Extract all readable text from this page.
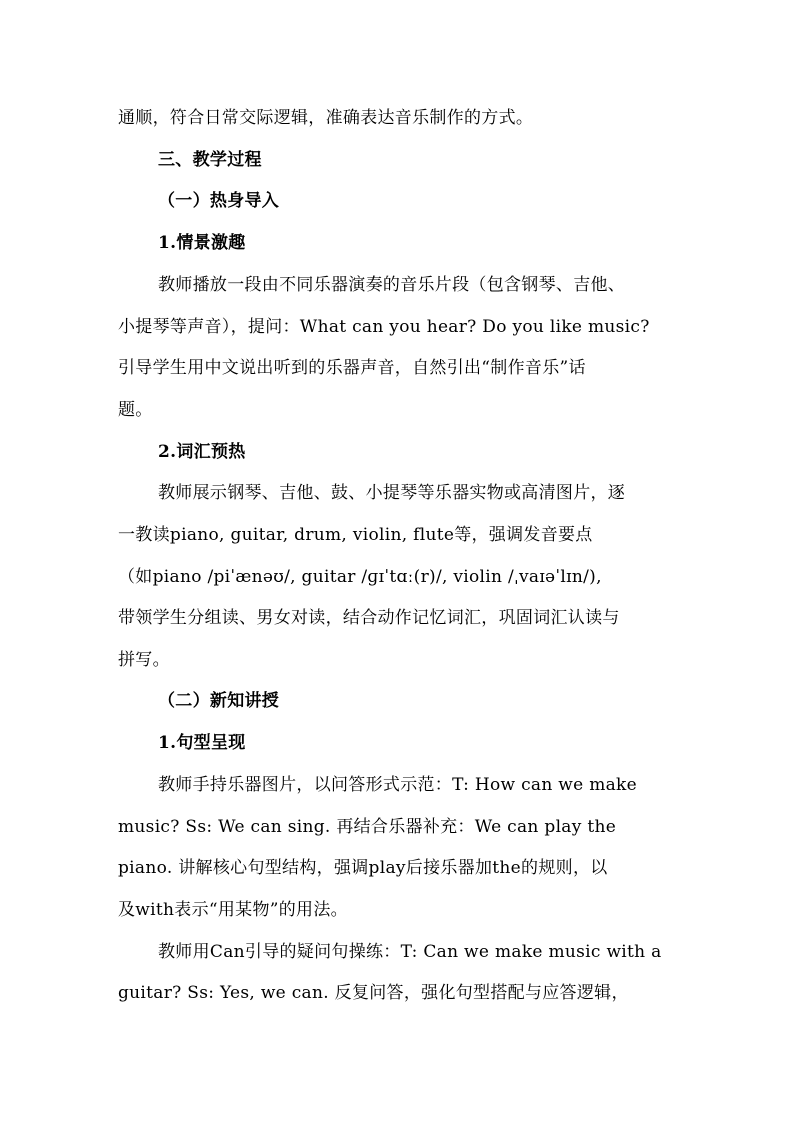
通顺，符合日常交际逻辑，准确表达音乐制作的方式。
三、教学过程
（一）热身导入
1.情景激趣
教师播放一段由不同乐器演奏的音乐片段（包含钢琴、吉他、
小提琴等声音），提问：What can you hear? Do you like music?
引导学生用中文说出听到的乐器声音，自然引出“制作音乐”话
题。
2.词汇预热
教师展示钢琴、吉他、鼓、小提琴等乐器实物或高清图片，逐
一教读piano, guitar, drum, violin, flute等，强调发音要点
（如piano /piˈænəʊ/, guitar /ɡɪˈtɑː(r)/, violin /ˌvaɪəˈlɪn/),
带领学生分组读、男女对读，结合动作记忆词汇，巩固词汇认读与
拼写。
（二）新知讲授
1.句型呈现
教师手持乐器图片，以问答形式示范：T: How can we make
music? Ss: We can sing. 再结合乐器补充：We can play the
piano. 讲解核心句型结构，强调play后接乐器加the的规则，以
及with表示“用某物”的用法。
教师用Can引导的疑问句操练：T: Can we make music with a
guitar? Ss: Yes, we can. 反复问答，强化句型搭配与应答逻辑，
